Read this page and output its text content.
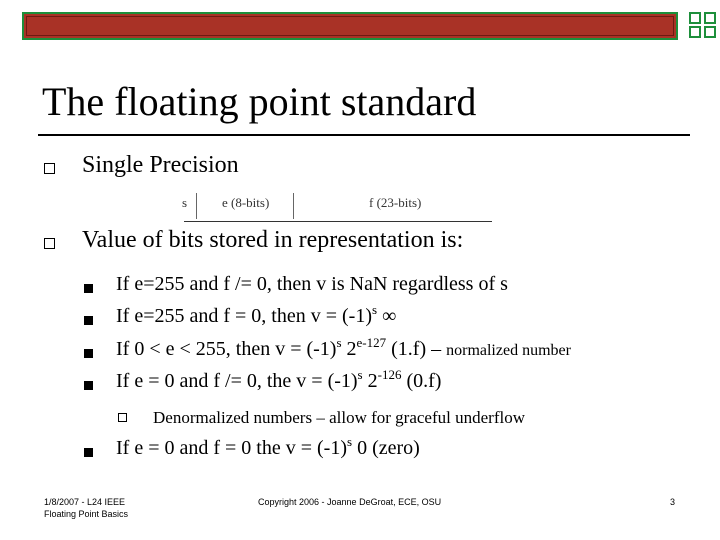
The floating point standard
Single Precision
s	e (8-bits)	f (23-bits)
Value of bits stored in representation is:
If e=255 and f /= 0, then v is NaN regardless of s
If e=255 and f = 0, then $v = (-1)^s$ ∞
If 0 < e < 255, then $v = (-1)^s$ 2$^{e-127}$ (1.f) – normalized number
If e = 0 and f /= 0, the $v = (-1)^s$ $2^{-126}$ (0.f)
Denormalized numbers – allow for graceful underflow
If e = 0 and f = 0 the $v = (-1)^s$ 0 (zero)
1/8/2007 - L24 IEEE
Floating Point Basics
Copyright 2006 - Joanne DeGroat, ECE, OSU	3
